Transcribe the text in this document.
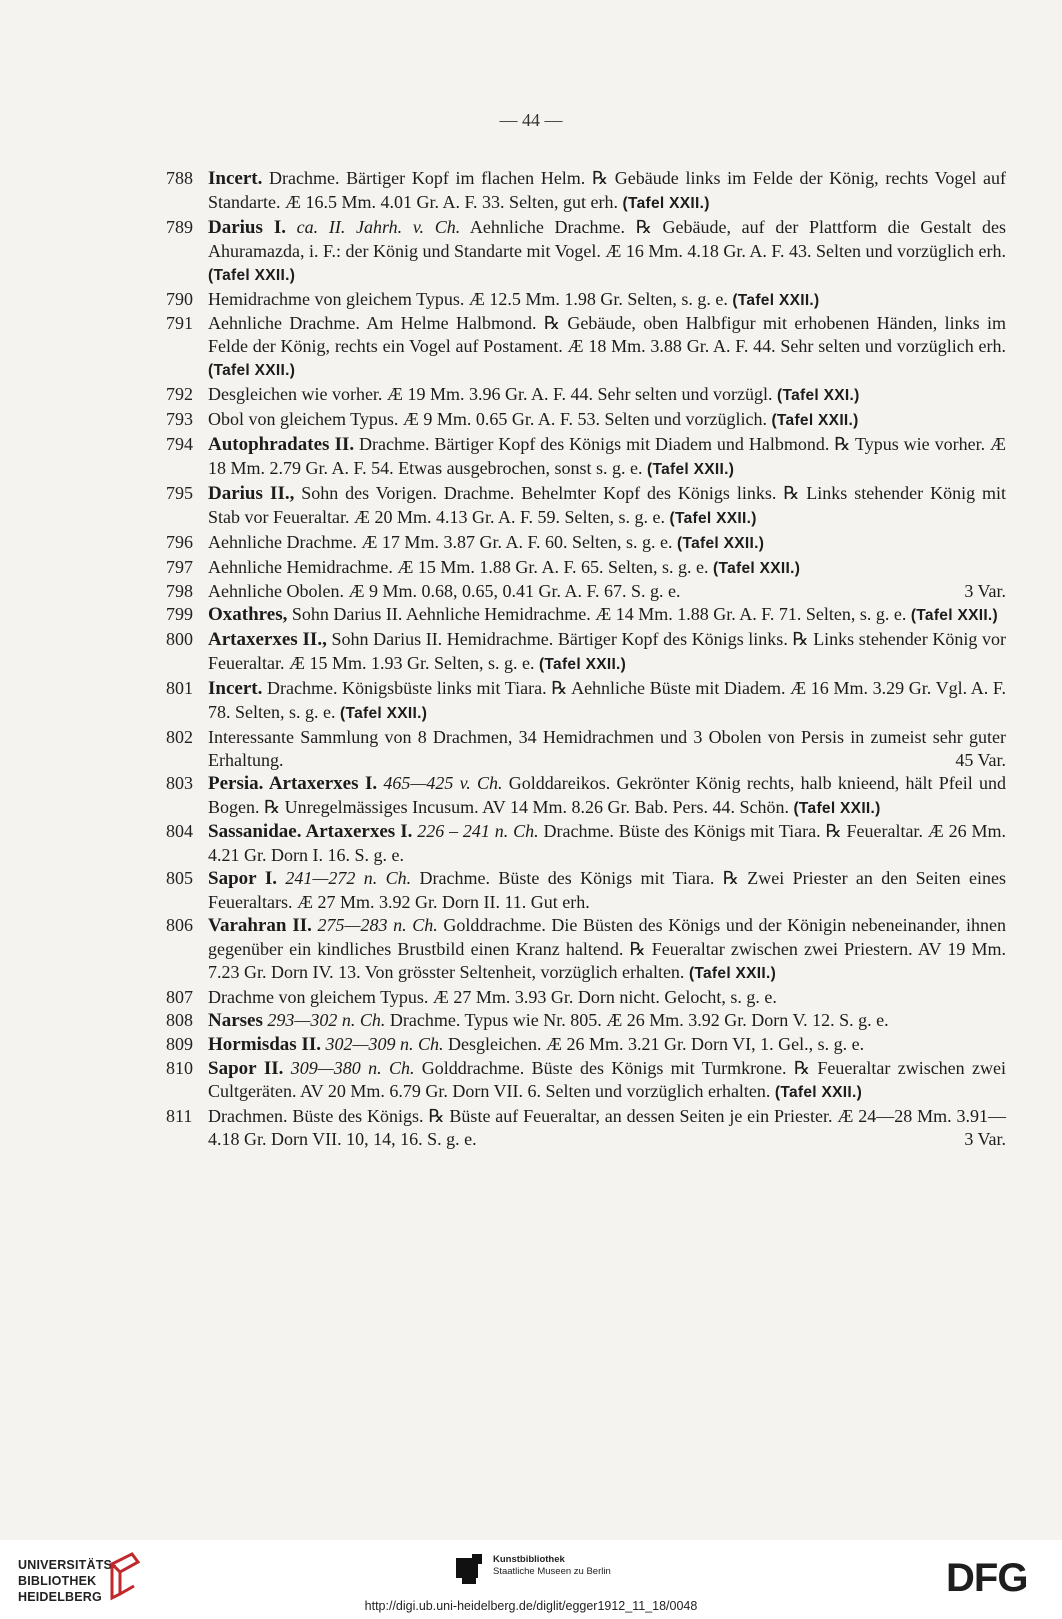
— 44 —
788 Incert. Drachme. Bärtiger Kopf im flachen Helm. ℞ Gebäude links im Felde der König, rechts Vogel auf Standarte. Æ 16.5 Mm. 4.01 Gr. A. F. 33. Selten, gut erh. (Tafel XXII.)
789 Darius I. ca. II. Jahrh. v. Ch. Aehnliche Drachme. ℞ Gebäude, auf der Plattform die Gestalt des Ahuramazda, i. F.: der König und Standarte mit Vogel. Æ 16 Mm. 4.18 Gr. A. F. 43. Selten und vorzüglich erh. (Tafel XXII.)
790 Hemidrachme von gleichem Typus. Æ 12.5 Mm. 1.98 Gr. Selten, s. g. e. (Tafel XXII.)
791 Aehnliche Drachme. Am Helme Halbmond. ℞ Gebäude, oben Halbfigur mit erhobenen Händen, links im Felde der König, rechts ein Vogel auf Postament. Æ 18 Mm. 3.88 Gr. A. F. 44. Sehr selten und vorzüglich erh. (Tafel XXII.)
792 Desgleichen wie vorher. Æ 19 Mm. 3.96 Gr. A. F. 44. Sehr selten und vorzügl. (Tafel XXI.)
793 Obol von gleichem Typus. Æ 9 Mm. 0.65 Gr. A. F. 53. Selten und vorzüglich. (Tafel XXII.)
794 Autophradates II. Drachme. Bärtiger Kopf des Königs mit Diadem und Halbmond. ℞ Typus wie vorher. Æ 18 Mm. 2.79 Gr. A. F. 54. Etwas ausgebrochen, sonst s. g. e. (Tafel XXII.)
795 Darius II., Sohn des Vorigen. Drachme. Behelmter Kopf des Königs links. ℞ Links stehender König mit Stab vor Feueraltar. Æ 20 Mm. 4.13 Gr. A. F. 59. Selten, s. g. e. (Tafel XXII.)
796 Aehnliche Drachme. Æ 17 Mm. 3.87 Gr. A. F. 60. Selten, s. g. e. (Tafel XXII.)
797 Aehnliche Hemidrachme. Æ 15 Mm. 1.88 Gr. A. F. 65. Selten, s. g. e. (Tafel XXII.)
798 Aehnliche Obolen. Æ 9 Mm. 0.68, 0.65, 0.41 Gr. A. F. 67. S. g. e.	3 Var.
799 Oxathres, Sohn Darius II. Aehnliche Hemidrachme. Æ 14 Mm. 1.88 Gr. A. F. 71. Selten, s. g. e. (Tafel XXII.)
800 Artaxerxes II., Sohn Darius II. Hemidrachme. Bärtiger Kopf des Königs links. ℞ Links stehender König vor Feueraltar. Æ 15 Mm. 1.93 Gr. Selten, s. g. e. (Tafel XXII.)
801 Incert. Drachme. Königsbüste links mit Tiara. ℞ Aehnliche Büste mit Diadem. Æ 16 Mm. 3.29 Gr. Vgl. A. F. 78. Selten, s. g. e. (Tafel XXII.)
802 Interessante Sammlung von 8 Drachmen, 34 Hemidrachmen und 3 Obolen von Persis in zumeist sehr guter Erhaltung.	45 Var.
803 Persia. Artaxerxes I. 465—425 v. Ch. Golddareikos. Gekrönter König rechts, halb knieend, hält Pfeil und Bogen. ℞ Unregelmässiges Incusum. AV 14 Mm. 8.26 Gr. Bab. Pers. 44. Schön. (Tafel XXII.)
804 Sassanidae. Artaxerxes I. 226 – 241 n. Ch. Drachme. Büste des Königs mit Tiara. ℞ Feueraltar. Æ 26 Mm. 4.21 Gr. Dorn I. 16. S. g. e.
805 Sapor I. 241—272 n. Ch. Drachme. Büste des Königs mit Tiara. ℞ Zwei Priester an den Seiten eines Feueraltars. Æ 27 Mm. 3.92 Gr. Dorn II. 11. Gut erh.
806 Varahran II. 275—283 n. Ch. Golddrachme. Die Büsten des Königs und der Königin nebeneinander, ihnen gegenüber ein kindliches Brustbild einen Kranz haltend. ℞ Feueraltar zwischen zwei Priestern. AV 19 Mm. 7.23 Gr. Dorn IV. 13. Von grösster Seltenheit, vorzüglich erhalten. (Tafel XXII.)
807 Drachme von gleichem Typus. Æ 27 Mm. 3.93 Gr. Dorn nicht. Gelocht, s. g. e.
808 Narses 293—302 n. Ch. Drachme. Typus wie Nr. 805. Æ 26 Mm. 3.92 Gr. Dorn V. 12. S. g. e.
809 Hormisdas II. 302—309 n. Ch. Desgleichen. Æ 26 Mm. 3.21 Gr. Dorn VI, 1. Gel., s. g. e.
810 Sapor II. 309—380 n. Ch. Golddrachme. Büste des Königs mit Turmkrone. ℞ Feueraltar zwischen zwei Cultgeräten. AV 20 Mm. 6.79 Gr. Dorn VII. 6. Selten und vorzüglich erhalten. (Tafel XXII.)
811 Drachmen. Büste des Königs. ℞ Büste auf Feueraltar, an dessen Seiten je ein Priester. Æ 24—28 Mm. 3.91—4.18 Gr. Dorn VII. 10, 14, 16. S. g. e.	3 Var.
UNIVERSITÄTS-
BIBLIOTHEK
HEIDELBERG
Kunstbibliothek
Staatliche Museen zu Berlin	DFG
http://digi.ub.uni-heidelberg.de/diglit/egger1912_11_18/0048
